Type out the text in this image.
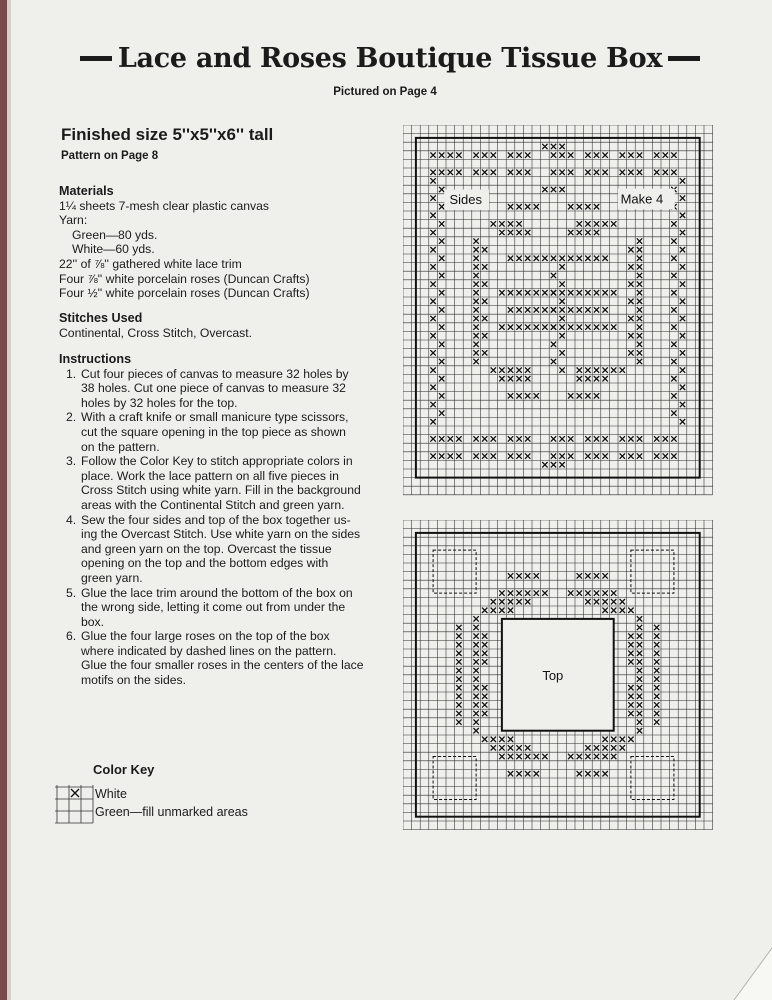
Lace and Roses Boutique Tissue Box
Pictured on Page 4
Finished size 5''x5''x6'' tall
Pattern on Page 8
Materials
1¼ sheets 7-mesh clear plastic canvas
Yarn:
Green—80 yds.
White—60 yds.
22'' of ⅞'' gathered white lace trim
Four ⅞'' white porcelain roses (Duncan Crafts)
Four ½'' white porcelain roses (Duncan Crafts)
Stitches Used
Continental, Cross Stitch, Overcast.
Instructions
1. Cut four pieces of canvas to measure 32 holes by
38 holes. Cut one piece of canvas to measure 32
holes by 32 holes for the top.
2. With a craft knife or small manicure type scissors,
cut the square opening in the top piece as shown
on the pattern.
3. Follow the Color Key to stitch appropriate colors in
place. Work the lace pattern on all five pieces in
Cross Stitch using white yarn. Fill in the background
areas with the Continental Stitch and green yarn.
4. Sew the four sides and top of the box together us-
ing the Overcast Stitch. Use white yarn on the sides
and green yarn on the top. Overcast the tissue
opening on the top and the bottom edges with
green yarn.
5. Glue the lace trim around the bottom of the box on
the wrong side, letting it come out from under the
box.
6. Glue the four large roses on the top of the box
where indicated by dashed lines on the pattern.
Glue the four smaller roses in the centers of the lace
motifs on the sides.
Color Key
White
Green—fill unmarked areas
Sides	Make 4
Top
